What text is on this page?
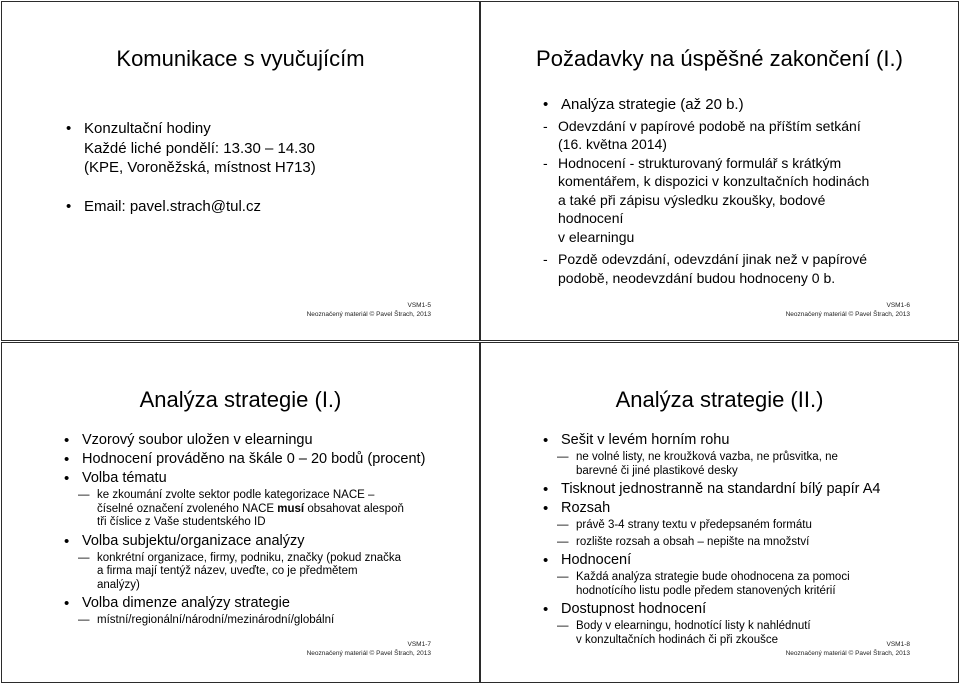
Komunikace s vyučujícím
• Konzultační hodiny
Každé liché pondělí: 13.30 – 14.30
(KPE, Voroněžská, místnost H713)
• Email: pavel.strach@tul.cz
VSM1-5
Neoznačený materiál © Pavel Štrach, 2013
Požadavky na úspěšné zakončení (I.)
• Analýza strategie (až 20 b.)
- Odevzdání v papírové podobě na příštím setkání
(16. května 2014)
- Hodnocení - strukturovaný formulář s krátkým
komentářem, k dispozici v konzultačních hodinách
a také při zápisu výsledku zkoušky, bodové
hodnocení
v elearningu
- Pozdě odevzdání, odevzdání jinak než v papírové
podobě, neodevzdání budou hodnoceny 0 b.
VSM1-6
Neoznačený materiál © Pavel Štrach, 2013
Analýza strategie (I.)
• Vzorový soubor uložen v elearningu
• Hodnocení prováděno na škále 0 – 20 bodů (procent)
• Volba tématu
— ke zkoumání zvolte sektor podle kategorizace NACE –
číselné označení zvoleného NACE musí obsahovat alespoň
tři číslice z Vaše studentského ID
• Volba subjektu/organizace analýzy
— konkrétní organizace, firmy, podniku, značky (pokud značka
a firma mají tentýž název, uveďte, co je předmětem
analýzy)
• Volba dimenze analýzy strategie
— místní/regionální/národní/mezinárodní/globální
VSM1-7
Neoznačený materiál © Pavel Štrach, 2013
Analýza strategie (II.)
• Sešit v levém horním rohu
— ne volné listy, ne kroužková vazba, ne průsvitka, ne
barevné či jiné plastikové desky
• Tisknout jednostranně na standardní bílý papír A4
• Rozsah
— právě 3-4 strany textu v předepsaném formátu
— rozlište rozsah a obsah – nepište na množství
• Hodnocení
— Každá analýza strategie bude ohodnocena za pomoci
hodnotícího listu podle předem stanovených kritérií
• Dostupnost hodnocení
— Body v elearningu, hodnotící listy k nahlédnutí
v konzultačních hodinách či při zkoušce	VSM1-8
Neoznačený materiál © Pavel Štrach, 2013
